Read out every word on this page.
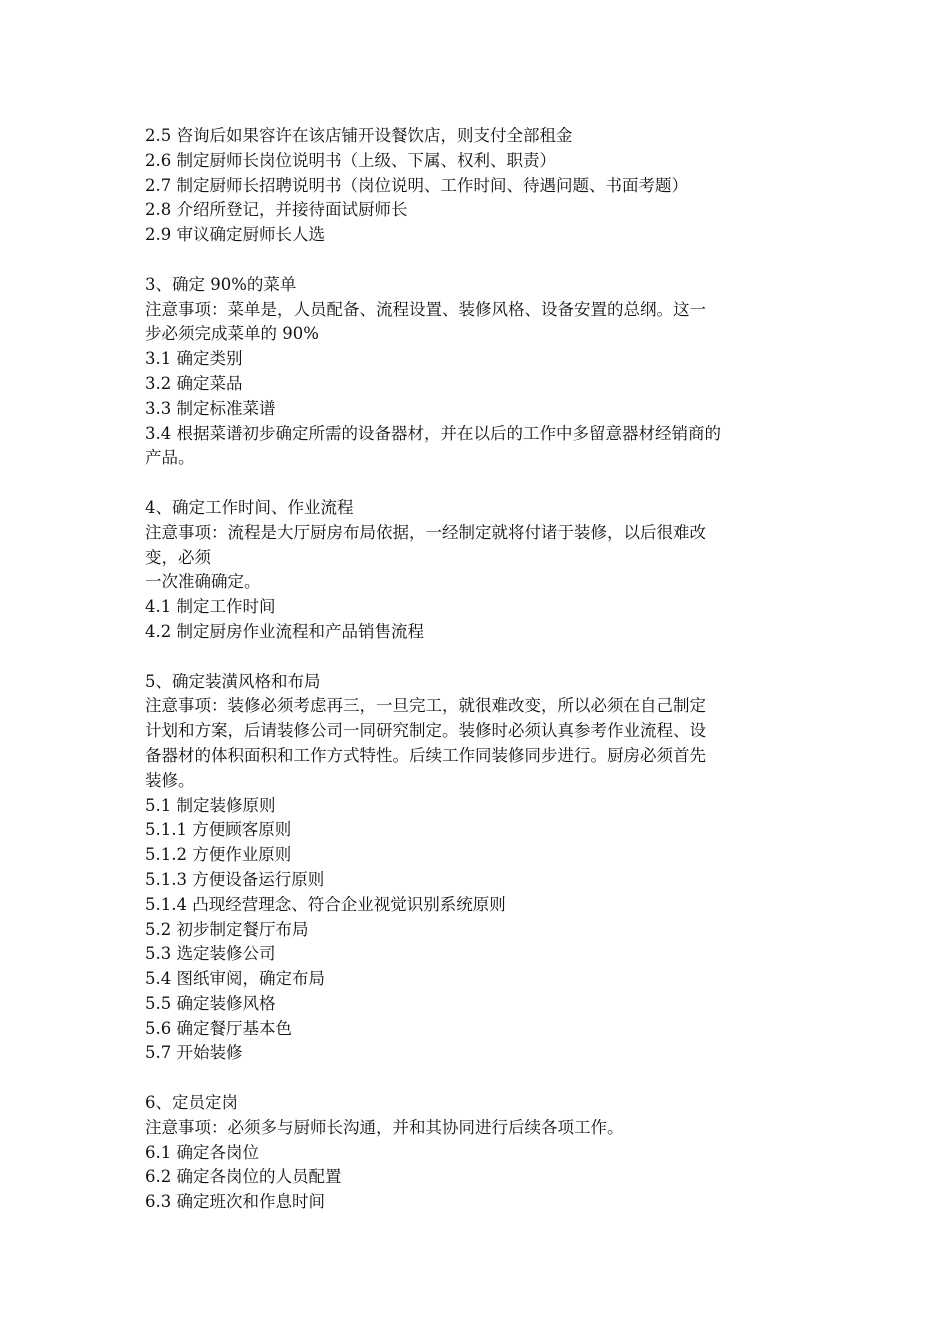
2.5 咨询后如果容许在该店铺开设餐饮店，则支付全部租金
2.6 制定厨师长岗位说明书（上级、下属、权利、职责）
2.7 制定厨师长招聘说明书（岗位说明、工作时间、待遇问题、书面考题）
2.8 介绍所登记，并接待面试厨师长
2.9 审议确定厨师长人选
3、确定 90%的菜单
注意事项：菜单是，人员配备、流程设置、装修风格、设备安置的总纲。这一
步必须完成菜单的 90%
3.1 确定类别
3.2 确定菜品
3.3 制定标准菜谱
3.4 根据菜谱初步确定所需的设备器材，并在以后的工作中多留意器材经销商的
产品。
4、确定工作时间、作业流程
注意事项：流程是大厅厨房布局依据，一经制定就将付诸于装修，以后很难改
变，必须
一次准确确定。
4.1 制定工作时间
4.2 制定厨房作业流程和产品销售流程
5、确定装潢风格和布局
注意事项：装修必须考虑再三，一旦完工，就很难改变，所以必须在自己制定
计划和方案，后请装修公司一同研究制定。装修时必须认真参考作业流程、设
备器材的体积面积和工作方式特性。后续工作同装修同步进行。厨房必须首先
装修。
5.1 制定装修原则
5.1.1 方便顾客原则
5.1.2 方便作业原则
5.1.3 方便设备运行原则
5.1.4 凸现经营理念、符合企业视觉识别系统原则
5.2 初步制定餐厅布局
5.3 选定装修公司
5.4 图纸审阅，确定布局
5.5 确定装修风格
5.6 确定餐厅基本色
5.7 开始装修
6、定员定岗
注意事项：必须多与厨师长沟通，并和其协同进行后续各项工作。
6.1 确定各岗位
6.2 确定各岗位的人员配置
6.3 确定班次和作息时间
